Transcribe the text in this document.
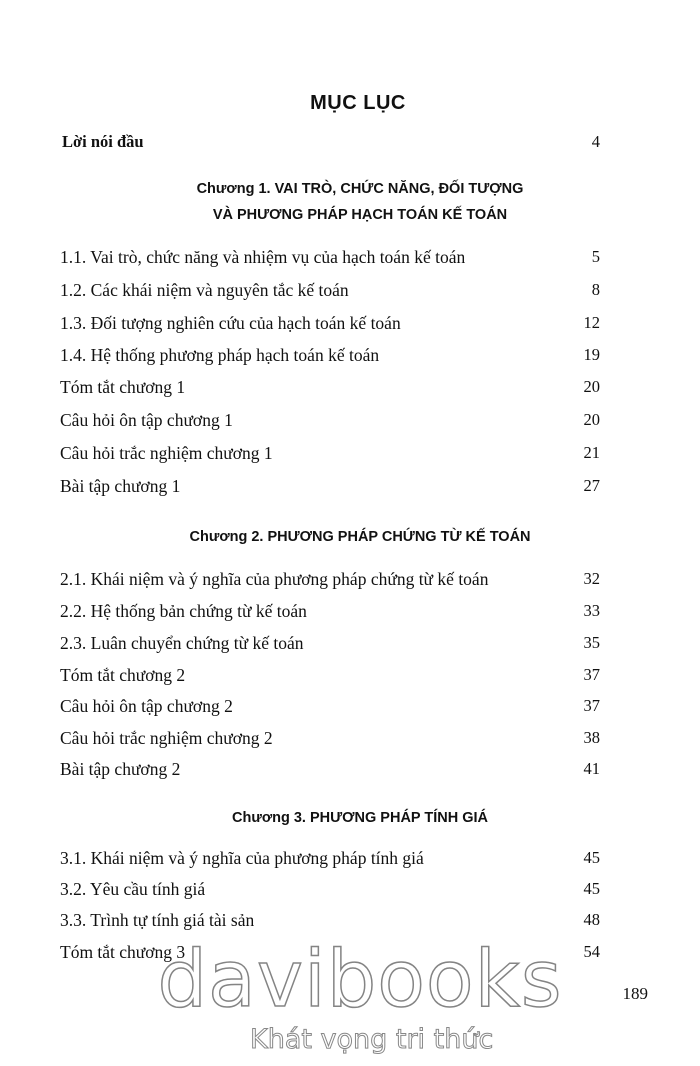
MỤC LỤC
Lời nói đầu	4
Chương 1. VAI TRÒ, CHỨC NĂNG, ĐỐI TƯỢNG
VÀ PHƯƠNG PHÁP HẠCH TOÁN KẾ TOÁN
1.1. Vai trò, chức năng và nhiệm vụ của hạch toán kế toán	5
1.2. Các khái niệm và nguyên tắc kế toán	8
1.3. Đối tượng nghiên cứu của hạch toán kế toán	12
1.4. Hệ thống phương pháp hạch toán kế toán	19
Tóm tắt chương 1	20
Câu hỏi ôn tập chương 1	20
Câu hỏi trắc nghiệm chương 1	21
Bài tập chương 1	27
Chương 2. PHƯƠNG PHÁP CHỨNG TỪ KẾ TOÁN
2.1. Khái niệm và ý nghĩa của phương pháp chứng từ kế toán	32
2.2. Hệ thống bản chứng từ kế toán	33
2.3. Luân chuyển chứng từ kế toán	35
Tóm tắt chương 2	37
Câu hỏi ôn tập chương 2	37
Câu hỏi trắc nghiệm chương 2	38
Bài tập chương 2	41
Chương 3. PHƯƠNG PHÁP TÍNH GIÁ
3.1. Khái niệm và ý nghĩa của phương pháp tính giá	45
3.2. Yêu cầu tính giá	45
3.3. Trình tự tính giá tài sản	48
Tóm tắt chương 3	54
davibooks
Khát vọng tri thức
189
